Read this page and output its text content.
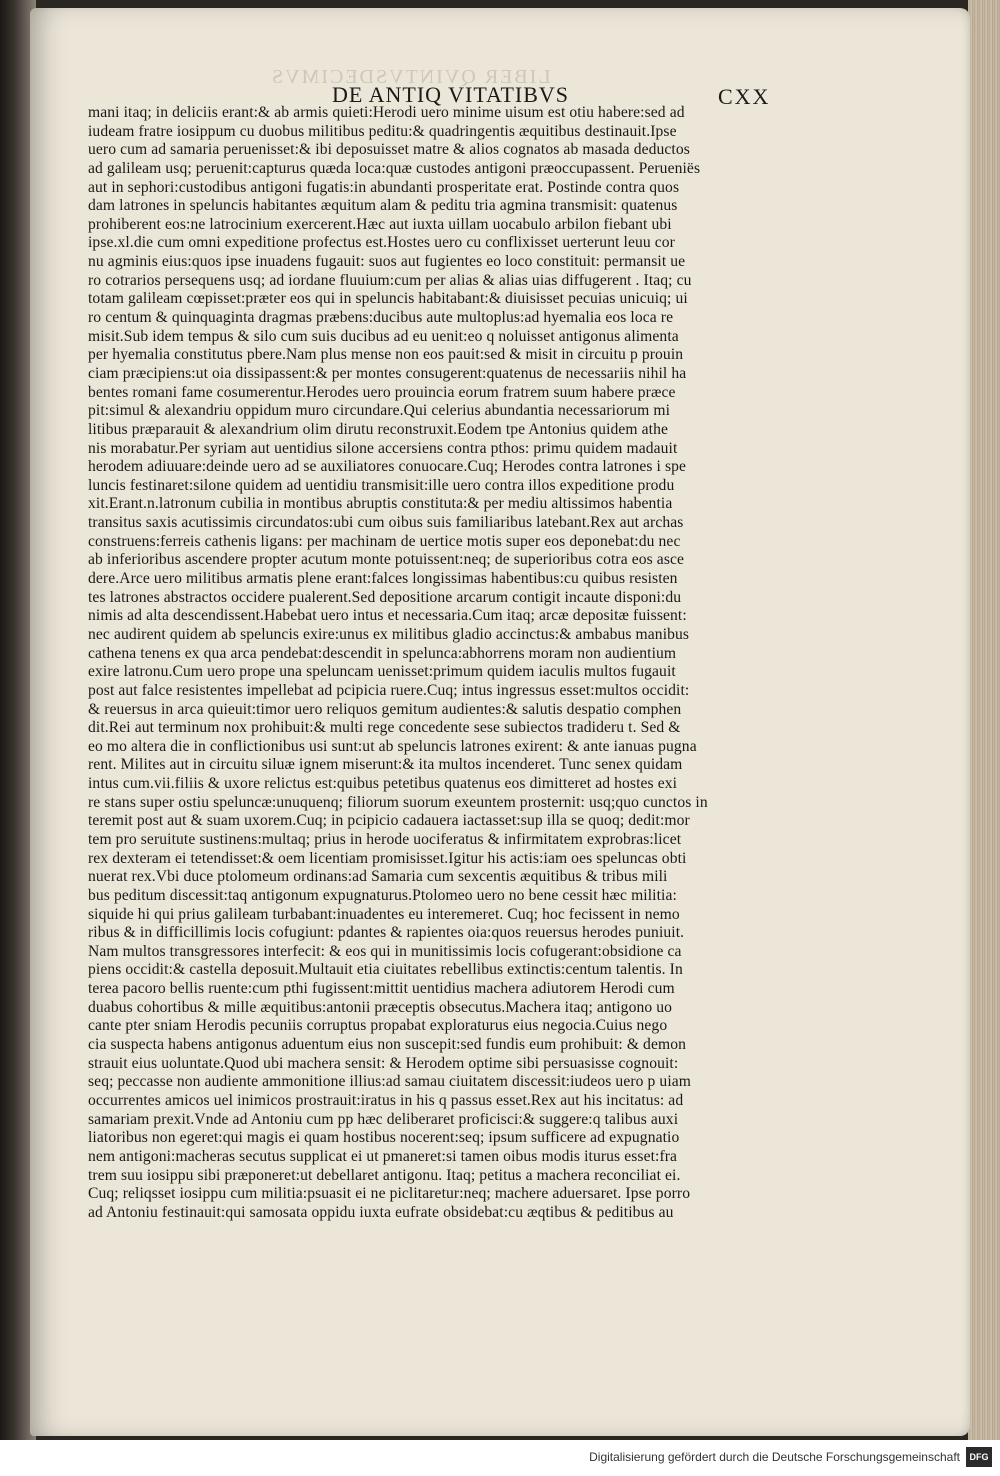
LIBER QVINTVSDECIMVS
DE ANTIQ VITATIBVS	CXX
mani itaq; in deliciis erant:& ab armis quieti:Herodi uero minime uisum est otiu habere:sed ad
iudeam fratre iosippum cu duobus militibus peditu:& quadringentis æquitibus destinauit.Ipse
uero cum ad samaria peruenisset:& ibi deposuisset matre & alios cognatos ab masada deductos
ad galileam usq; peruenit:capturus quæda loca:quæ custodes antigoni præoccupassent. Perueniës
aut in sephori:custodibus antigoni fugatis:in abundanti prosperitate erat. Postinde contra quos
dam latrones in speluncis habitantes æquitum alam & peditu tria agmina transmisit: quatenus
prohiberent eos:ne latrocinium exercerent.Hæc aut iuxta uillam uocabulo arbilon fiebant ubi
ipse.xl.die cum omni expeditione profectus est.Hostes uero cu conflixisset uerterunt leuu cor
nu agminis eius:quos ipse inuadens fugauit: suos aut fugientes eo loco constituit: permansit ue
ro cotrarios persequens usq; ad iordane fluuium:cum per alias & alias uias diffugerent . Itaq; cu
totam galileam cœpisset:præter eos qui in speluncis habitabant:& diuisisset pecuias unicuiq; ui
ro centum & quinquaginta dragmas præbens:ducibus aute multoplus:ad hyemalia eos loca re
misit.Sub idem tempus & silo cum suis ducibus ad eu uenit:eo q noluisset antigonus alimenta
per hyemalia constitutus pbere.Nam plus mense non eos pauit:sed & misit in circuitu p prouin
ciam præcipiens:ut oia dissipassent:& per montes consugerent:quatenus de necessariis nihil ha
bentes romani fame cosumerentur.Herodes uero prouincia eorum fratrem suum habere præce
pit:simul & alexandriu oppidum muro circundare.Qui celerius abundantia necessariorum mi
litibus præparauit & alexandrium olim dirutu reconstruxit.Eodem tpe Antonius quidem athe
nis morabatur.Per syriam aut uentidius silone accersiens contra pthos: primu quidem madauit
herodem adiuuare:deinde uero ad se auxiliatores conuocare.Cuq; Herodes contra latrones i spe
luncis festinaret:silone quidem ad uentidiu transmisit:ille uero contra illos expeditione produ
xit.Erant.n.latronum cubilia in montibus abruptis constituta:& per mediu altissimos habentia
transitus saxis acutissimis circundatos:ubi cum oibus suis familiaribus latebant.Rex aut archas
construens:ferreis cathenis ligans: per machinam de uertice motis super eos deponebat:du nec
ab inferioribus ascendere propter acutum monte potuissent:neq; de superioribus cotra eos asce
dere.Arce uero militibus armatis plene erant:falces longissimas habentibus:cu quibus resisten
tes latrones abstractos occidere pualerent.Sed depositione arcarum contigit incaute disponi:du
nimis ad alta descendissent.Habebat uero intus et necessaria.Cum itaq; arcæ depositæ fuissent:
nec audirent quidem ab speluncis exire:unus ex militibus gladio accinctus:& ambabus manibus
cathena tenens ex qua arca pendebat:descendit in spelunca:abhorrens moram non audientium
exire latronu.Cum uero prope una speluncam uenisset:primum quidem iaculis multos fugauit
post aut falce resistentes impellebat ad pcipicia ruere.Cuq; intus ingressus esset:multos occidit:
& reuersus in arca quieuit:timor uero reliquos gemitum audientes:& salutis despatio comphen
dit.Rei aut terminum nox prohibuit:& multi rege concedente sese subiectos tradideru t. Sed &
eo mo altera die in conflictionibus usi sunt:ut ab speluncis latrones exirent: & ante ianuas pugna
rent. Milites aut in circuitu siluæ ignem miserunt:& ita multos incenderet. Tunc senex quidam
intus cum.vii.filiis & uxore relictus est:quibus petetibus quatenus eos dimitteret ad hostes exi
re stans super ostiu speluncæ:unuquenq; filiorum suorum exeuntem prosternit: usq;quo cunctos in
teremit post aut & suam uxorem.Cuq; in pcipicio cadauera iactasset:sup illa se quoq; dedit:mor
tem pro seruitute sustinens:multaq; prius in herode uociferatus & infirmitatem exprobras:licet
rex dexteram ei tetendisset:& oem licentiam promisisset.Igitur his actis:iam oes speluncas obti
nuerat rex.Vbi duce ptolomeum ordinans:ad Samaria cum sexcentis æquitibus & tribus mili
bus peditum discessit:taq antigonum expugnaturus.Ptolomeo uero no bene cessit hæc militia:
siquide hi qui prius galileam turbabant:inuadentes eu interemeret. Cuq; hoc fecissent in nemo
ribus & in difficillimis locis cofugiunt: pdantes & rapientes oia:quos reuersus herodes puniuit.
Nam multos transgressores interfecit: & eos qui in munitissimis locis cofugerant:obsidione ca
piens occidit:& castella deposuit.Multauit etia ciuitates rebellibus extinctis:centum talentis. In
terea pacoro bellis ruente:cum pthi fugissent:mittit uentidius machera adiutorem Herodi cum
duabus cohortibus & mille æquitibus:antonii præceptis obsecutus.Machera itaq; antigono uo
cante pter sniam Herodis pecuniis corruptus propabat exploraturus eius negocia.Cuius nego
cia suspecta habens antigonus aduentum eius non suscepit:sed fundis eum prohibuit: & demon
strauit eius uoluntate.Quod ubi machera sensit: & Herodem optime sibi persuasisse cognouit:
seq; peccasse non audiente ammonitione illius:ad samau ciuitatem discessit:iudeos uero p uiam
occurrentes amicos uel inimicos prostrauit:iratus in his q passus esset.Rex aut his incitatus: ad
samariam prexit.Vnde ad Antoniu cum pp hæc deliberaret proficisci:& suggere:q talibus auxi
liatoribus non egeret:qui magis ei quam hostibus nocerent:seq; ipsum sufficere ad expugnatio
nem antigoni:macheras secutus supplicat ei ut pmaneret:si tamen oibus modis iturus esset:fra
trem suu iosippu sibi præponeret:ut debellaret antigonu. Itaq; petitus a machera reconciliat ei.
Cuq; reliqsset iosippu cum militia:psuasit ei ne piclitaretur:neq; machere aduersaret. Ipse porro
ad Antoniu festinauit:qui samosata oppidu iuxta eufrate obsidebat:cu æqtibus & peditibus au
Digitalisierung gefördert durch die Deutsche Forschungsgemeinschaft	DFG
